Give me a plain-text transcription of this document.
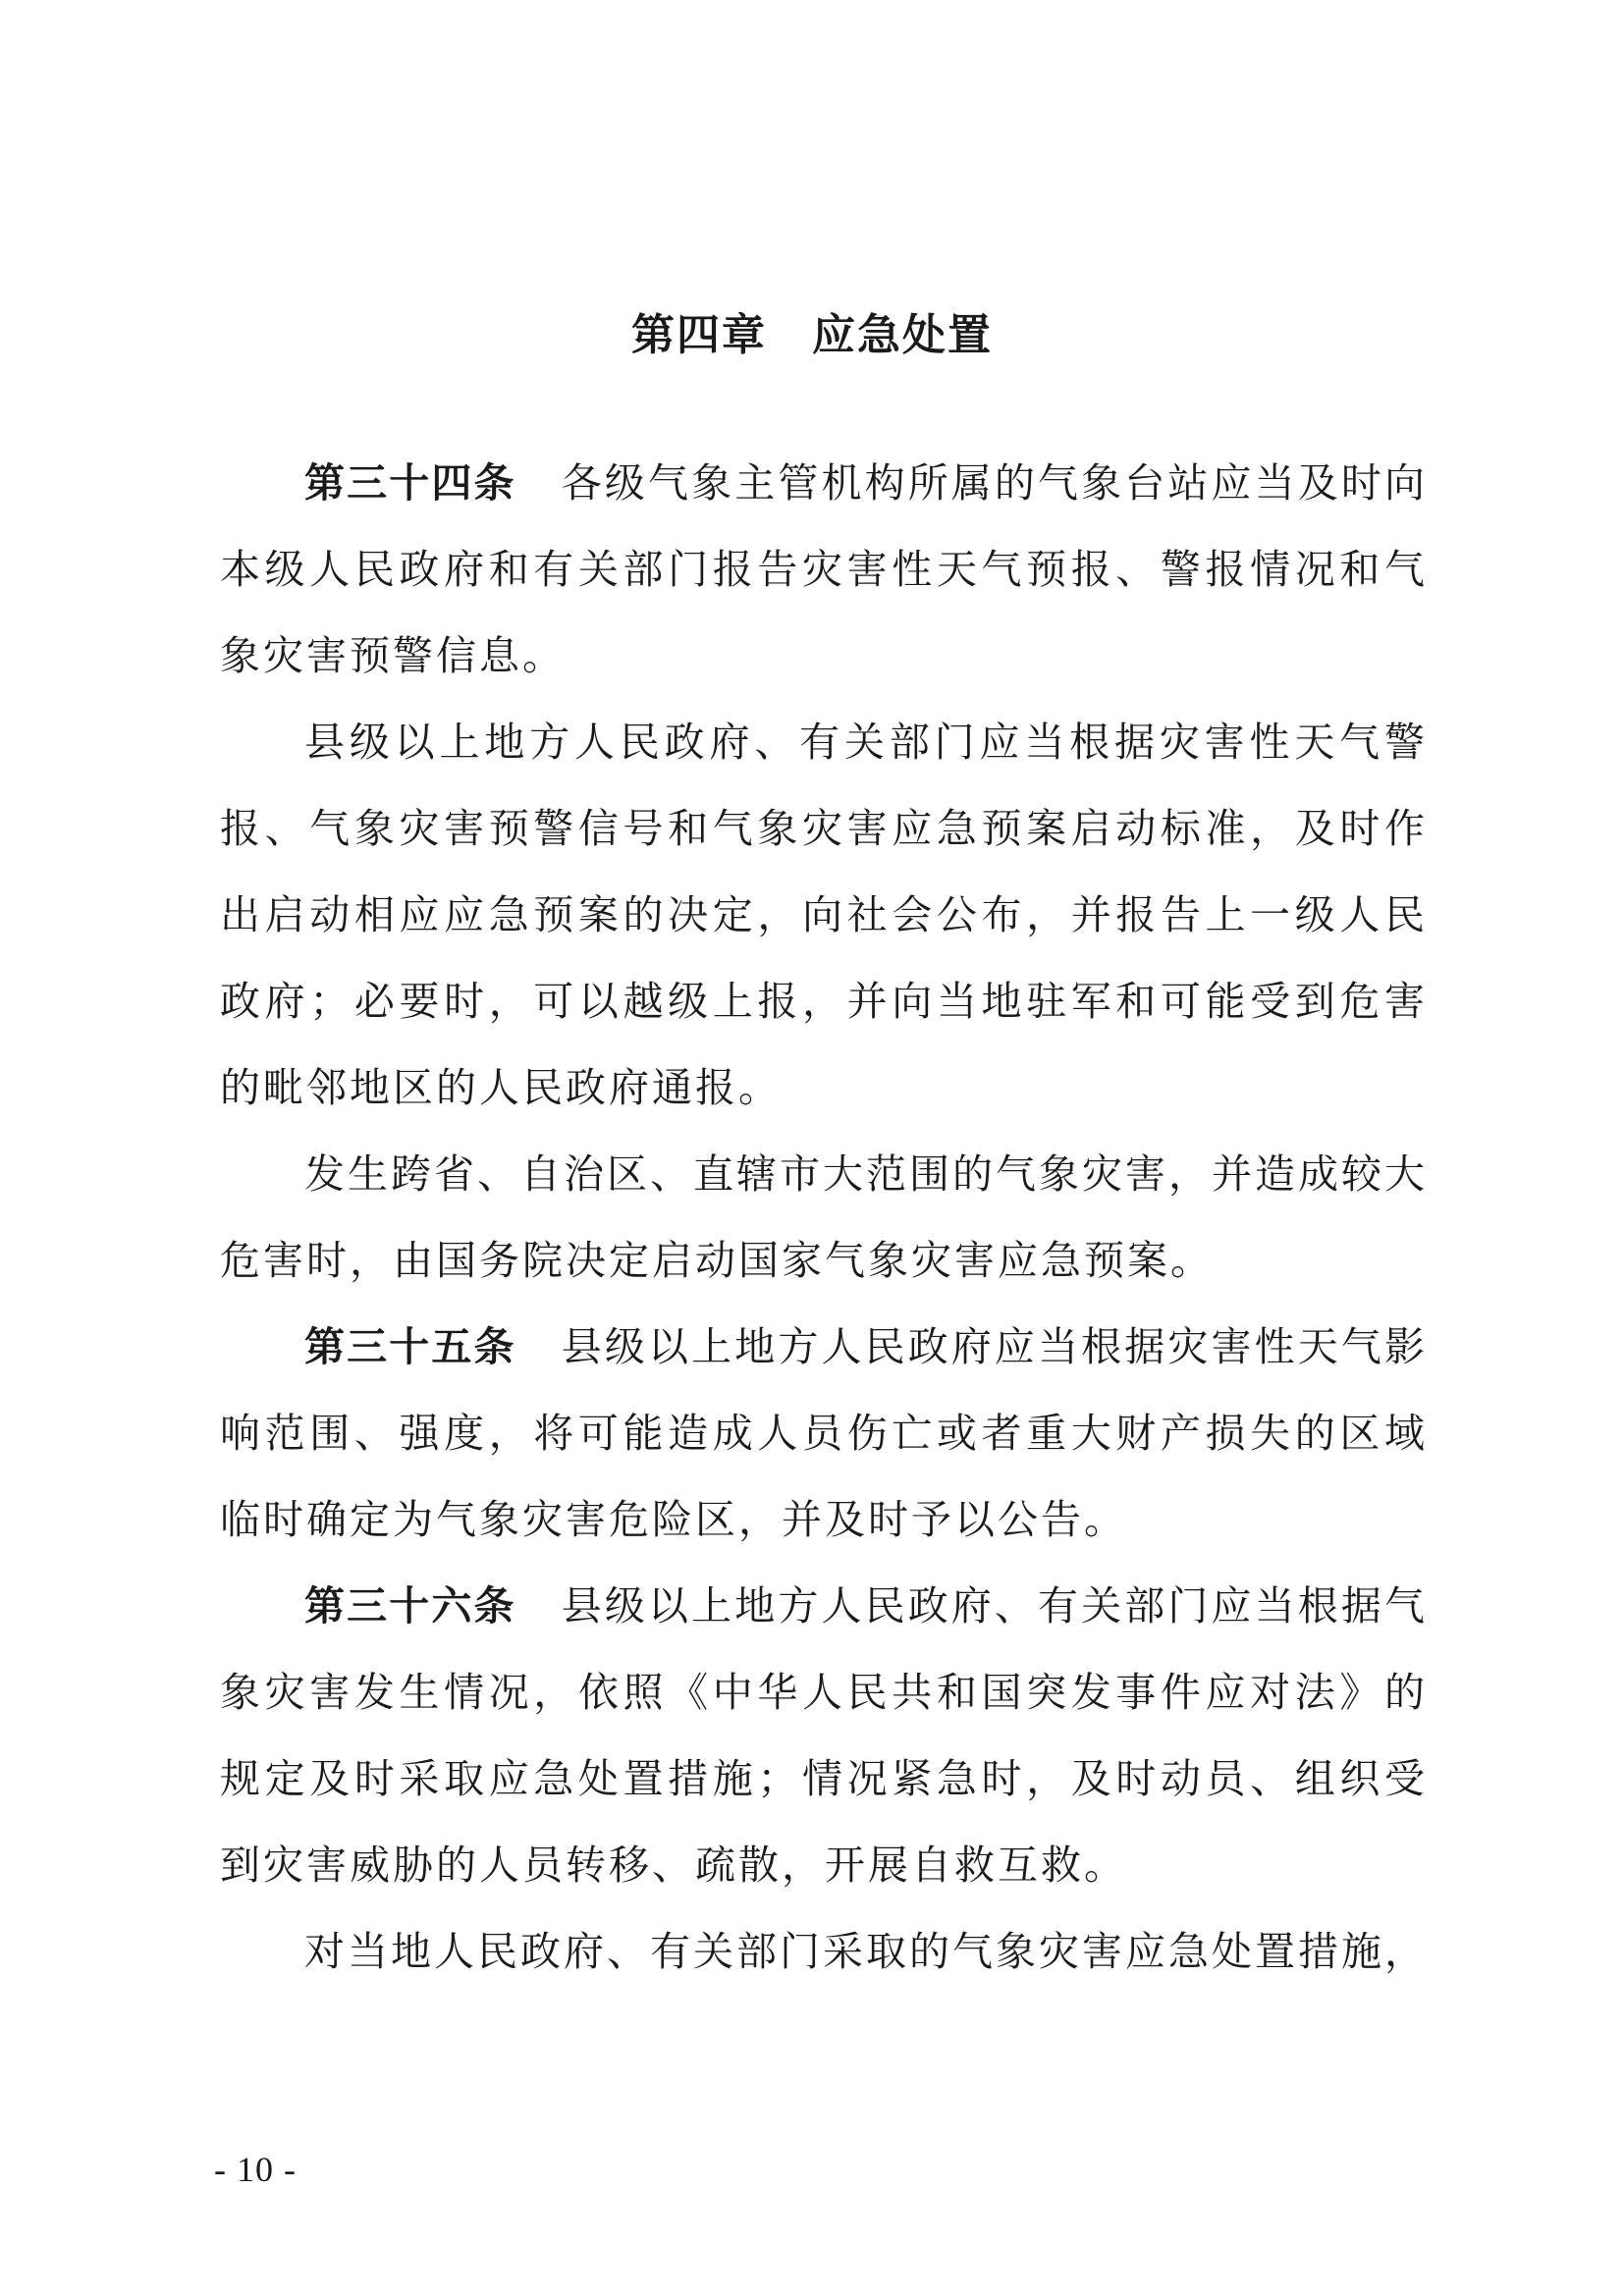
第四章　应急处置

第三十四条 各级气象主管机构所属的气象台站应当及时向本级人民政府和有关部门报告灾害性天气预报、警报情况和气象灾害预警信息。

县级以上地方人民政府、有关部门应当根据灾害性天气警报、气象灾害预警信号和气象灾害应急预案启动标准，及时作出启动相应应急预案的决定，向社会公布，并报告上一级人民政府；必要时，可以越级上报，并向当地驻军和可能受到危害的毗邻地区的人民政府通报。

发生跨省、自治区、直辖市大范围的气象灾害，并造成较大危害时，由国务院决定启动国家气象灾害应急预案。

第三十五条 县级以上地方人民政府应当根据灾害性天气影响范围、强度，将可能造成人员伤亡或者重大财产损失的区域临时确定为气象灾害危险区，并及时予以公告。

第三十六条 县级以上地方人民政府、有关部门应当根据气象灾害发生情况，依照《中华人民共和国突发事件应对法》的规定及时采取应急处置措施；情况紧急时，及时动员、组织受到灾害威胁的人员转移、疏散，开展自救互救。

对当地人民政府、有关部门采取的气象灾害应急处置措施，

- 10 -
